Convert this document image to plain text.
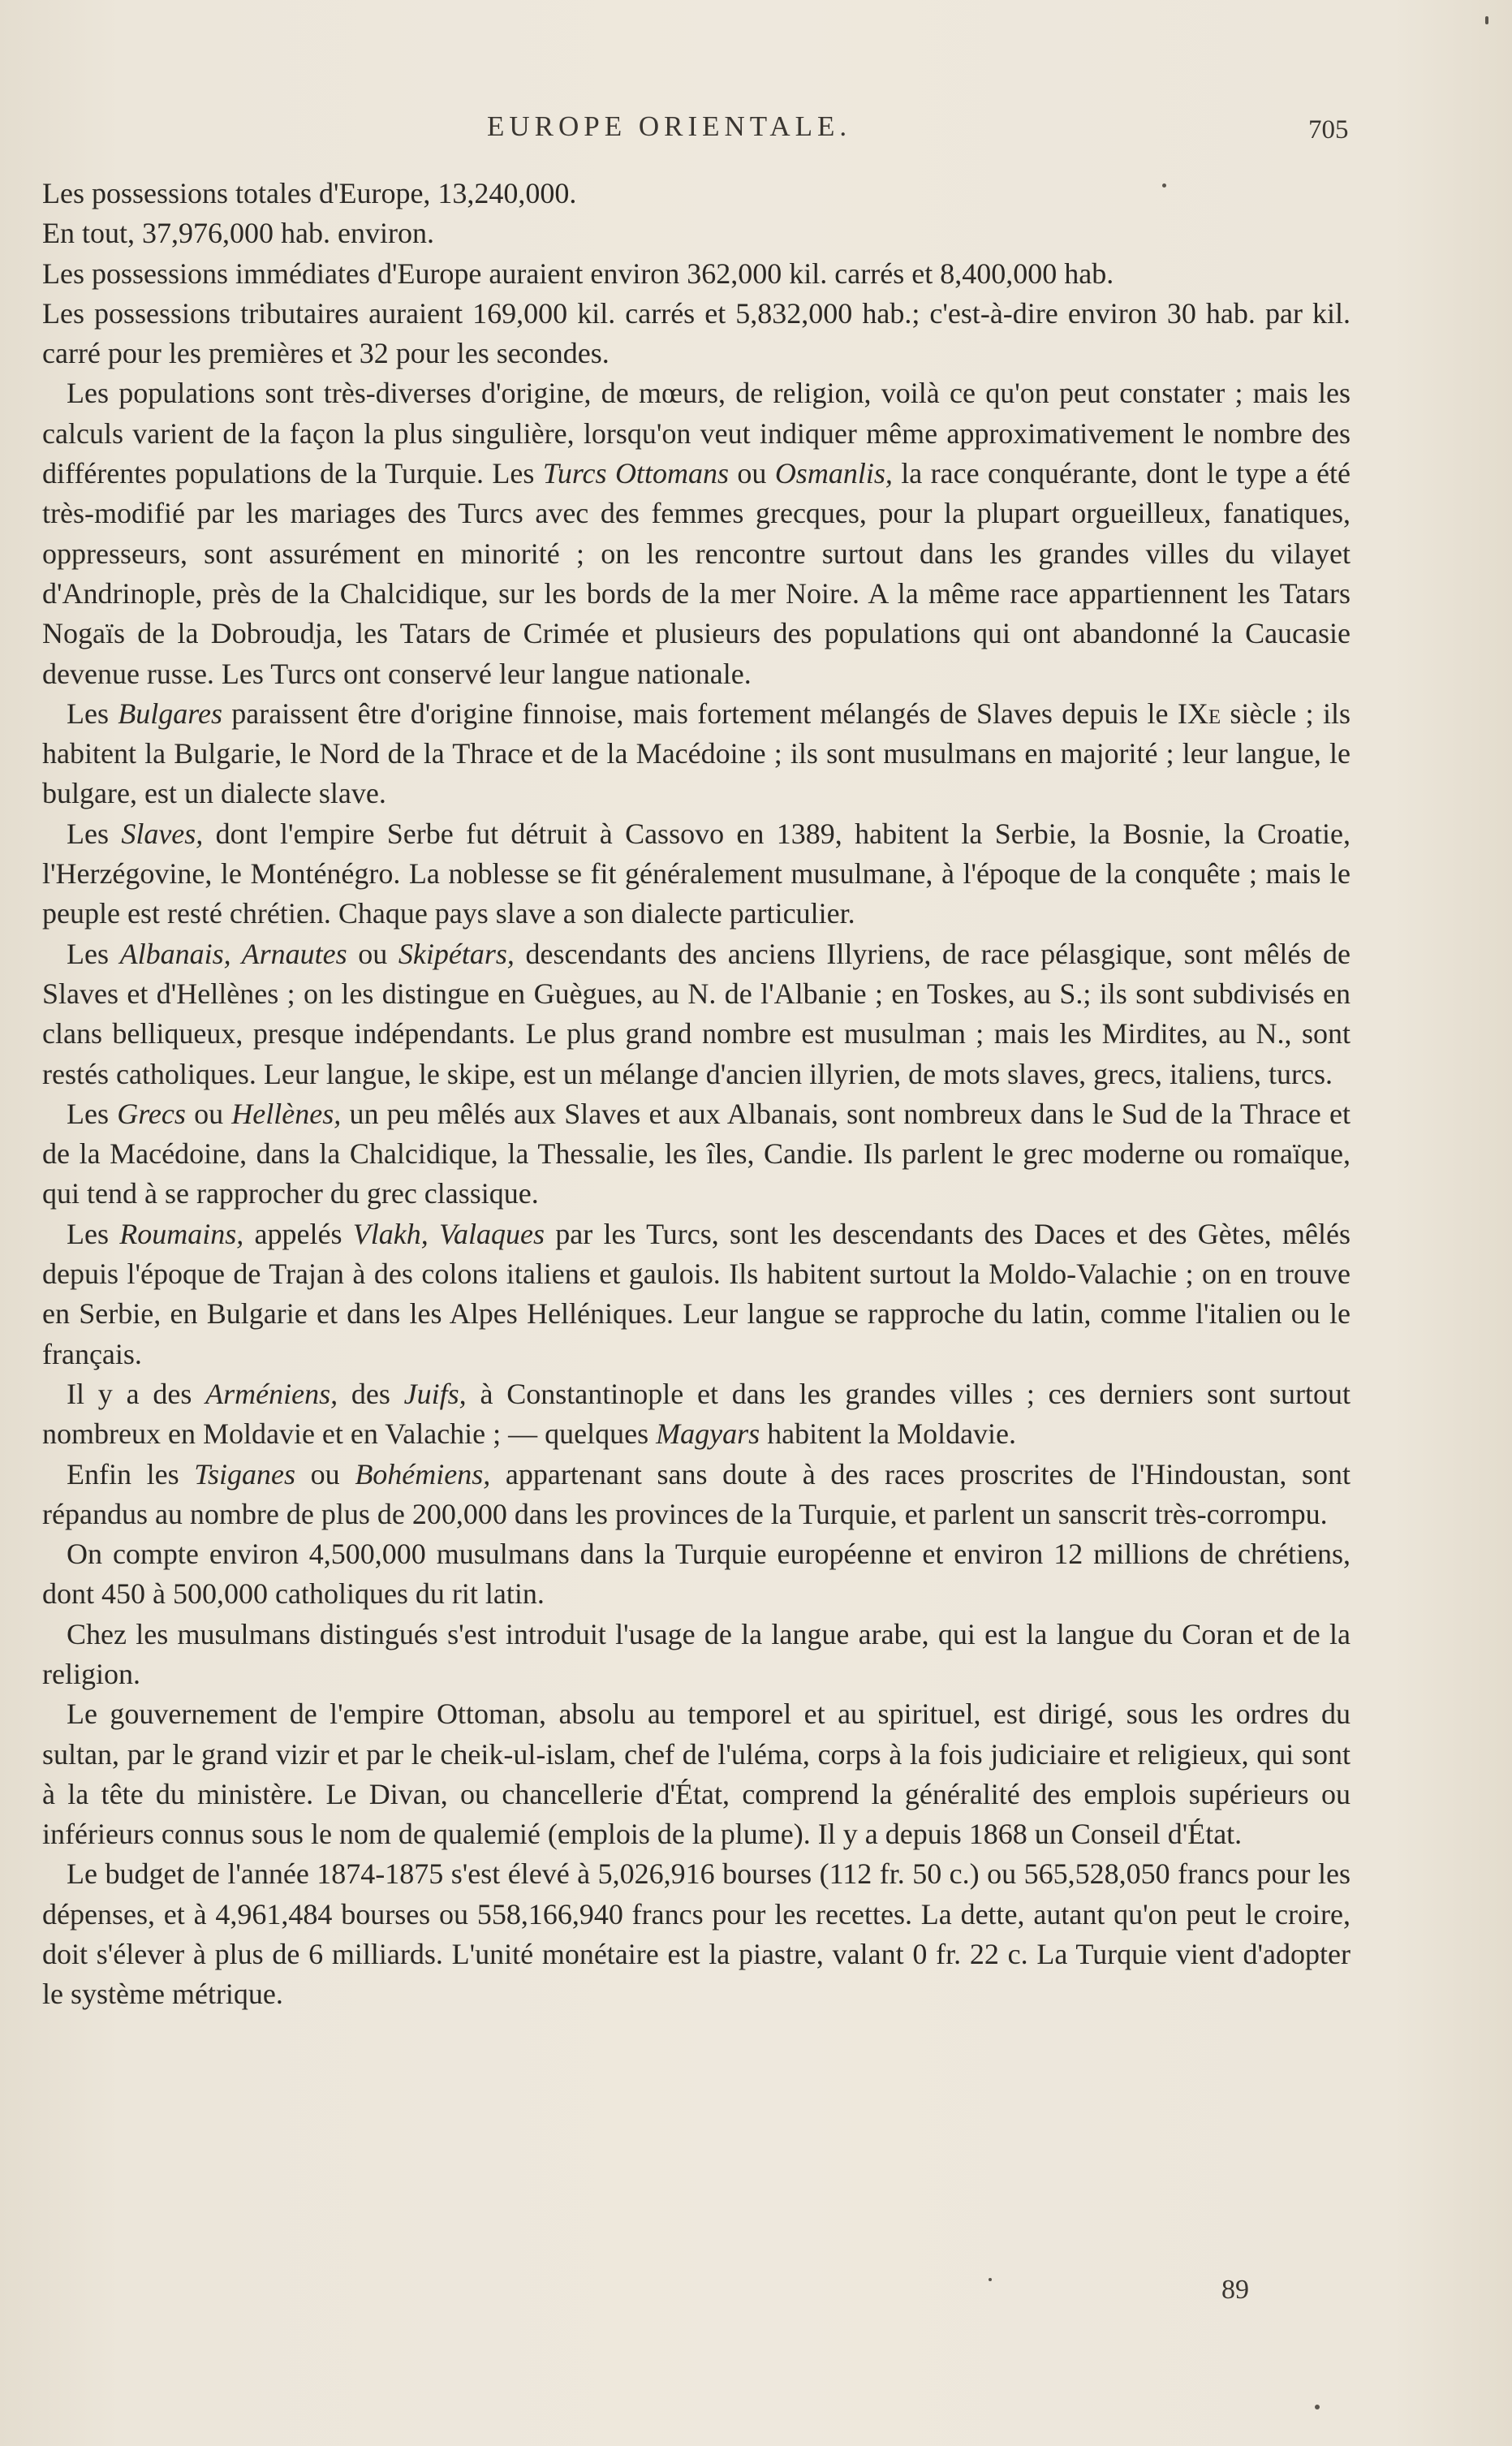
EUROPE ORIENTALE.	705

Les possessions totales d'Europe, 13,240,000.

En tout, 37,976,000 hab. environ.

Les possessions immédiates d'Europe auraient environ 362,000 kil. carrés et 8,400,000 hab.

Les possessions tributaires auraient 169,000 kil. carrés et 5,832,000 hab.; c'est-à-dire environ 30 hab. par kil. carré pour les premières et 32 pour les secondes.

Les populations sont très-diverses d'origine, de mœurs, de religion, voilà ce qu'on peut constater ; mais les calculs varient de la façon la plus singulière, lorsqu'on veut indiquer même approximativement le nombre des différentes populations de la Turquie. Les Turcs Ottomans ou Osmanlis, la race conquérante, dont le type a été très-modifié par les mariages des Turcs avec des femmes grecques, pour la plupart orgueilleux, fanatiques, oppresseurs, sont assurément en minorité ; on les rencontre surtout dans les grandes villes du vilayet d'Andrinople, près de la Chalcidique, sur les bords de la mer Noire. A la même race appartiennent les Tatars Nogaïs de la Dobroudja, les Tatars de Crimée et plusieurs des populations qui ont abandonné la Caucasie devenue russe. Les Turcs ont conservé leur langue nationale.

Les Bulgares paraissent être d'origine finnoise, mais fortement mélangés de Slaves depuis le IXe siècle ; ils habitent la Bulgarie, le Nord de la Thrace et de la Macédoine ; ils sont musulmans en majorité ; leur langue, le bulgare, est un dialecte slave.

Les Slaves, dont l'empire Serbe fut détruit à Cassovo en 1389, habitent la Serbie, la Bosnie, la Croatie, l'Herzégovine, le Monténégro. La noblesse se fit généralement musulmane, à l'époque de la conquête ; mais le peuple est resté chrétien. Chaque pays slave a son dialecte particulier.

Les Albanais, Arnautes ou Skipétars, descendants des anciens Illyriens, de race pélasgique, sont mêlés de Slaves et d'Hellènes ; on les distingue en Guègues, au N. de l'Albanie ; en Toskes, au S.; ils sont subdivisés en clans belliqueux, presque indépendants. Le plus grand nombre est musulman ; mais les Mirdites, au N., sont restés catholiques. Leur langue, le skipe, est un mélange d'ancien illyrien, de mots slaves, grecs, italiens, turcs.

Les Grecs ou Hellènes, un peu mêlés aux Slaves et aux Albanais, sont nombreux dans le Sud de la Thrace et de la Macédoine, dans la Chalcidique, la Thessalie, les îles, Candie. Ils parlent le grec moderne ou romaïque, qui tend à se rapprocher du grec classique.

Les Roumains, appelés Vlakh, Valaques par les Turcs, sont les descendants des Daces et des Gètes, mêlés depuis l'époque de Trajan à des colons italiens et gaulois. Ils habitent surtout la Moldo-Valachie ; on en trouve en Serbie, en Bulgarie et dans les Alpes Helléniques. Leur langue se rapproche du latin, comme l'italien ou le français.

Il y a des Arméniens, des Juifs, à Constantinople et dans les grandes villes ; ces derniers sont surtout nombreux en Moldavie et en Valachie ; — quelques Magyars habitent la Moldavie.

Enfin les Tsiganes ou Bohémiens, appartenant sans doute à des races proscrites de l'Hindoustan, sont répandus au nombre de plus de 200,000 dans les provinces de la Turquie, et parlent un sanscrit très-corrompu.

On compte environ 4,500,000 musulmans dans la Turquie européenne et environ 12 millions de chrétiens, dont 450 à 500,000 catholiques du rit latin.

Chez les musulmans distingués s'est introduit l'usage de la langue arabe, qui est la langue du Coran et de la religion.

Le gouvernement de l'empire Ottoman, absolu au temporel et au spirituel, est dirigé, sous les ordres du sultan, par le grand vizir et par le cheik-ul-islam, chef de l'uléma, corps à la fois judiciaire et religieux, qui sont à la tête du ministère. Le Divan, ou chancellerie d'État, comprend la généralité des emplois supérieurs ou inférieurs connus sous le nom de qualemié (emplois de la plume). Il y a depuis 1868 un Conseil d'État.

Le budget de l'année 1874-1875 s'est élevé à 5,026,916 bourses (112 fr. 50 c.) ou 565,528,050 francs pour les dépenses, et à 4,961,484 bourses ou 558,166,940 francs pour les recettes. La dette, autant qu'on peut le croire, doit s'élever à plus de 6 milliards. L'unité monétaire est la piastre, valant 0 fr. 22 c. La Turquie vient d'adopter le système métrique.

89
